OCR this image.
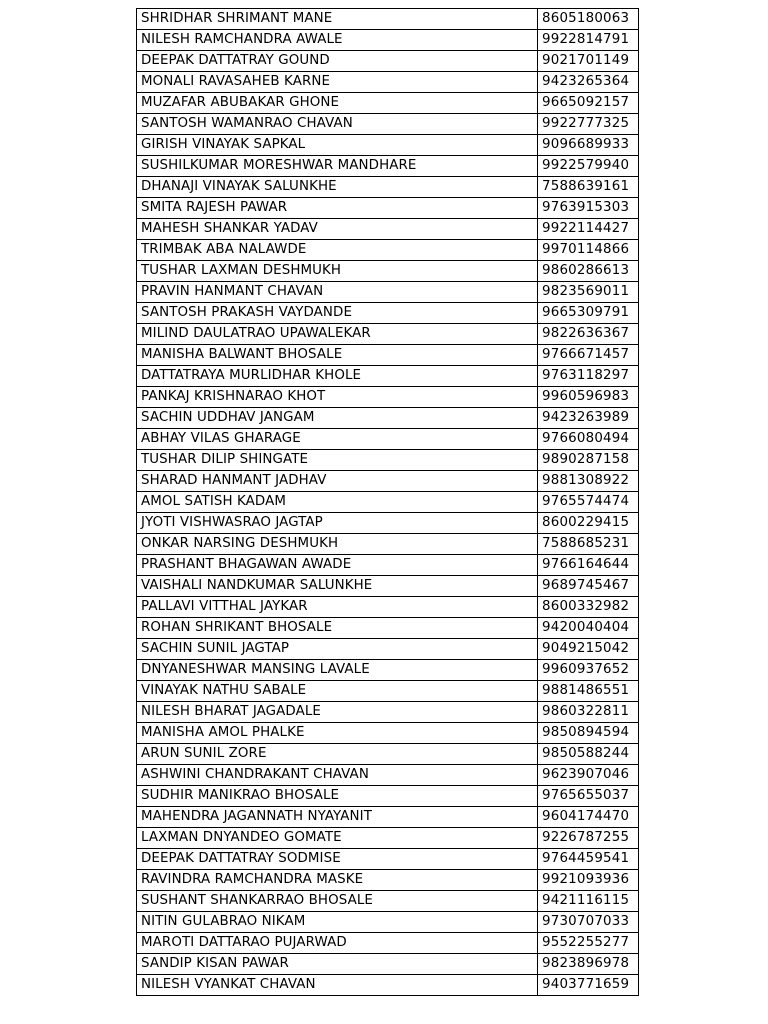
SHRIDHAR SHRIMANT MANE	8605180063
NILESH RAMCHANDRA AWALE	9922814791
DEEPAK DATTATRAY GOUND	9021701149
MONALI RAVASAHEB KARNE	9423265364
MUZAFAR ABUBAKAR GHONE	9665092157
SANTOSH WAMANRAO CHAVAN	9922777325
GIRISH VINAYAK SAPKAL	9096689933
SUSHILKUMAR MORESHWAR MANDHARE	9922579940
DHANAJI VINAYAK SALUNKHE	7588639161
SMITA RAJESH PAWAR	9763915303
MAHESH SHANKAR YADAV	9922114427
TRIMBAK ABA NALAWDE	9970114866
TUSHAR LAXMAN DESHMUKH	9860286613
PRAVIN HANMANT CHAVAN	9823569011
SANTOSH PRAKASH VAYDANDE	9665309791
MILIND DAULATRAO UPAWALEKAR	9822636367
MANISHA BALWANT BHOSALE	9766671457
DATTATRAYA MURLIDHAR KHOLE	9763118297
PANKAJ KRISHNARAO KHOT	9960596983
SACHIN UDDHAV JANGAM	9423263989
ABHAY VILAS GHARAGE	9766080494
TUSHAR DILIP SHINGATE	9890287158
SHARAD HANMANT JADHAV	9881308922
AMOL SATISH KADAM	9765574474
JYOTI VISHWASRAO JAGTAP	8600229415
ONKAR NARSING DESHMUKH	7588685231
PRASHANT BHAGAWAN AWADE	9766164644
VAISHALI NANDKUMAR SALUNKHE	9689745467
PALLAVI VITTHAL JAYKAR	8600332982
ROHAN SHRIKANT BHOSALE	9420040404
SACHIN SUNIL JAGTAP	9049215042
DNYANESHWAR MANSING LAVALE	9960937652
VINAYAK NATHU SABALE	9881486551
NILESH BHARAT JAGADALE	9860322811
MANISHA AMOL PHALKE	9850894594
ARUN SUNIL ZORE	9850588244
ASHWINI CHANDRAKANT CHAVAN	9623907046
SUDHIR MANIKRAO BHOSALE	9765655037
MAHENDRA JAGANNATH NYAYANIT	9604174470
LAXMAN DNYANDEO GOMATE	9226787255
DEEPAK DATTATRAY SODMISE	9764459541
RAVINDRA RAMCHANDRA MASKE	9921093936
SUSHANT SHANKARRAO BHOSALE	9421116115
NITIN GULABRAO NIKAM	9730707033
MAROTI DATTARAO PUJARWAD	9552255277
SANDIP KISAN PAWAR	9823896978
NILESH VYANKAT CHAVAN	9403771659
